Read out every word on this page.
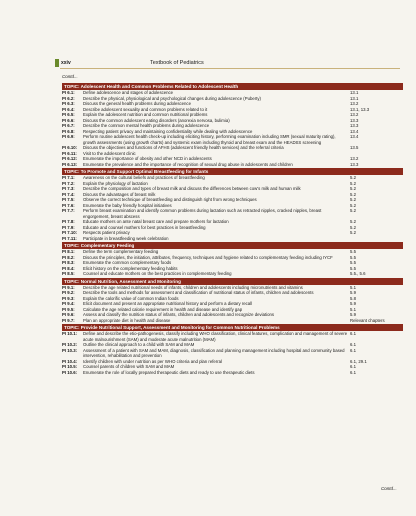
xxiv	Textbook of Pediatrics
Contd...
TOPIC: Adolescent Health and Common Problems Related to Adolescent Health
PI 6.1:	Define adolescence and stages of adolescence	13.1
PI 6.2:	Describe the physical, physiological and psychological changes during adolescence (Puberty)	13.1
PI 6.3:	Discuss the general health problems during adolescence	13.2
PI 6.4:	Describe adolescent sexuality and common problems related to it	13.1, 13.3
PI 6.5:	Explain the adolescent nutrition and common nutritional problems	13.2
PI 6.6:	Discuss the common adolescent eating disorders (anorexia nervosa, bulimia)	13.3
PI 6.7:	Describe the common mental health problems during adolescence	13.3
PI 6.8:	Respecting patient privacy and maintaining confidentiality while dealing with adolescence	13.4
PI 6.9:	Perform routine adolescent health check-up including eliciting history, performing examination including SMR (sexual maturity rating), growth assessments (using growth charts) and systemic exam including thyroid and breast exam and the HEADSS screening
13.4
PI 6.10:	Discuss the objectives and functions of AFHS (adolescent friendly health services) and the referral criteria	13.5
PI 6.11:	Visit to the adolescent clinic
PI 6.12:	Enumerate the importance of obesity and other NCD in adolescents	13.2
PI 6.13:	Enumerate the prevalence and the importance of recognition of sexual drug abuse in adolescents and children	13.3
TOPIC: To Promote and Support Optimal Breastfeeding for Infants
PI 7.1:	Awareness on the cultural beliefs and practices of breastfeeding	5.2
PI 7.2:	Explain the physiology of lactation	5.2
PI 7.3:	Describe the composition and types of breast milk and discuss the differences between cow's milk and human milk	5.2
PI 7.4:	Discuss the advantages of breast milk	5.2
PI 7.5:	Observe the correct technique of breastfeeding and distinguish right from wrong techniques	5.2
PI 7.6:	Enumerate the baby friendly hospital initiatives	5.2
PI 7.7:	Perform breast examination and identify common problems during lactation such as retracted nipples, cracked nipples, breast engorgement, breast abscess
5.2
PI 7.8:	Educate mothers on ante natal breast care and prepare mothers for lactation	5.2
PI 7.9:	Educate and counsel mothers for best practices in breastfeeding	5.2
PI 7.10:	Respects patient privacy	5.2
PI 7.11:	Participate in breastfeeding week celebration
TOPIC: Complementary Feeding
PI 8.1:	Define the term complementary feeding	5.5
PI 8.2:	Discuss the principles, the initiation, attributes, frequency, techniques and hygiene related to complementary feeding including IYCF	5.5
PI 8.3:	Enumerate the common complementary foods	5.5
PI 8.4:	Elicit history on the complementary feeding habits	5.5
PI 8.5:	Counsel and educate mothers on the best practices in complementary feeding	5.5., 5.6
TOPIC: Normal Nutrition, Assessment and Monitoring
PI 9.1:	Describe the age related nutritional needs of infants, children and adolescents including micronutrients and vitamins	5.1
PI 9.2:	Describe the tools and methods for assessment and classification of nutritional status of infants, children and adolescents	5.9
PI 9.3:	Explain the calorific value of common Indian foods	5.8
PI 9.4:	Elicit document and present an appropriate nutritional history and perform a dietary recall	5.9
PI 9.5:	Calculate the age related calorie requirement in health and disease and identify gap	5.1
PI 9.6:	Assess and classify the nutrition status of infants, children and adolescents and recognize deviations	5.9
PI 9.7:	Plan an appropriate diet in health and disease	Relevant chapters
TOPIC: Provide Nutritional Support, Assessment and Monitoring for Common Nutritional Problems
PI 10.1:	Define and describe the etio-pathogenesis, classify including WHO classification, clinical features, complication and management of severe acute malnourishment (SAM) and moderate acute malnutrition (MAM)
6.1
PI 10.2:	Outline the clinical approach to a child with SAM and MAM	6.1
PI 10.3:	Assessment of a patient with SAM and MAM, diagnosis, classification and planning management including hospital and community based intervention, rehabilitation and prevention
6.1
PI 10.4:	Identify children with under nutrition as per WHO criteria and plan referral	6.1, 29.1
PI 10.5:	Counsel parents of children with SAM and MAM	6.1
PI 10.6:	Enumerate the role of locally prepared therapeutic diets and ready to use therapeutic diets	6.1
Contd...
